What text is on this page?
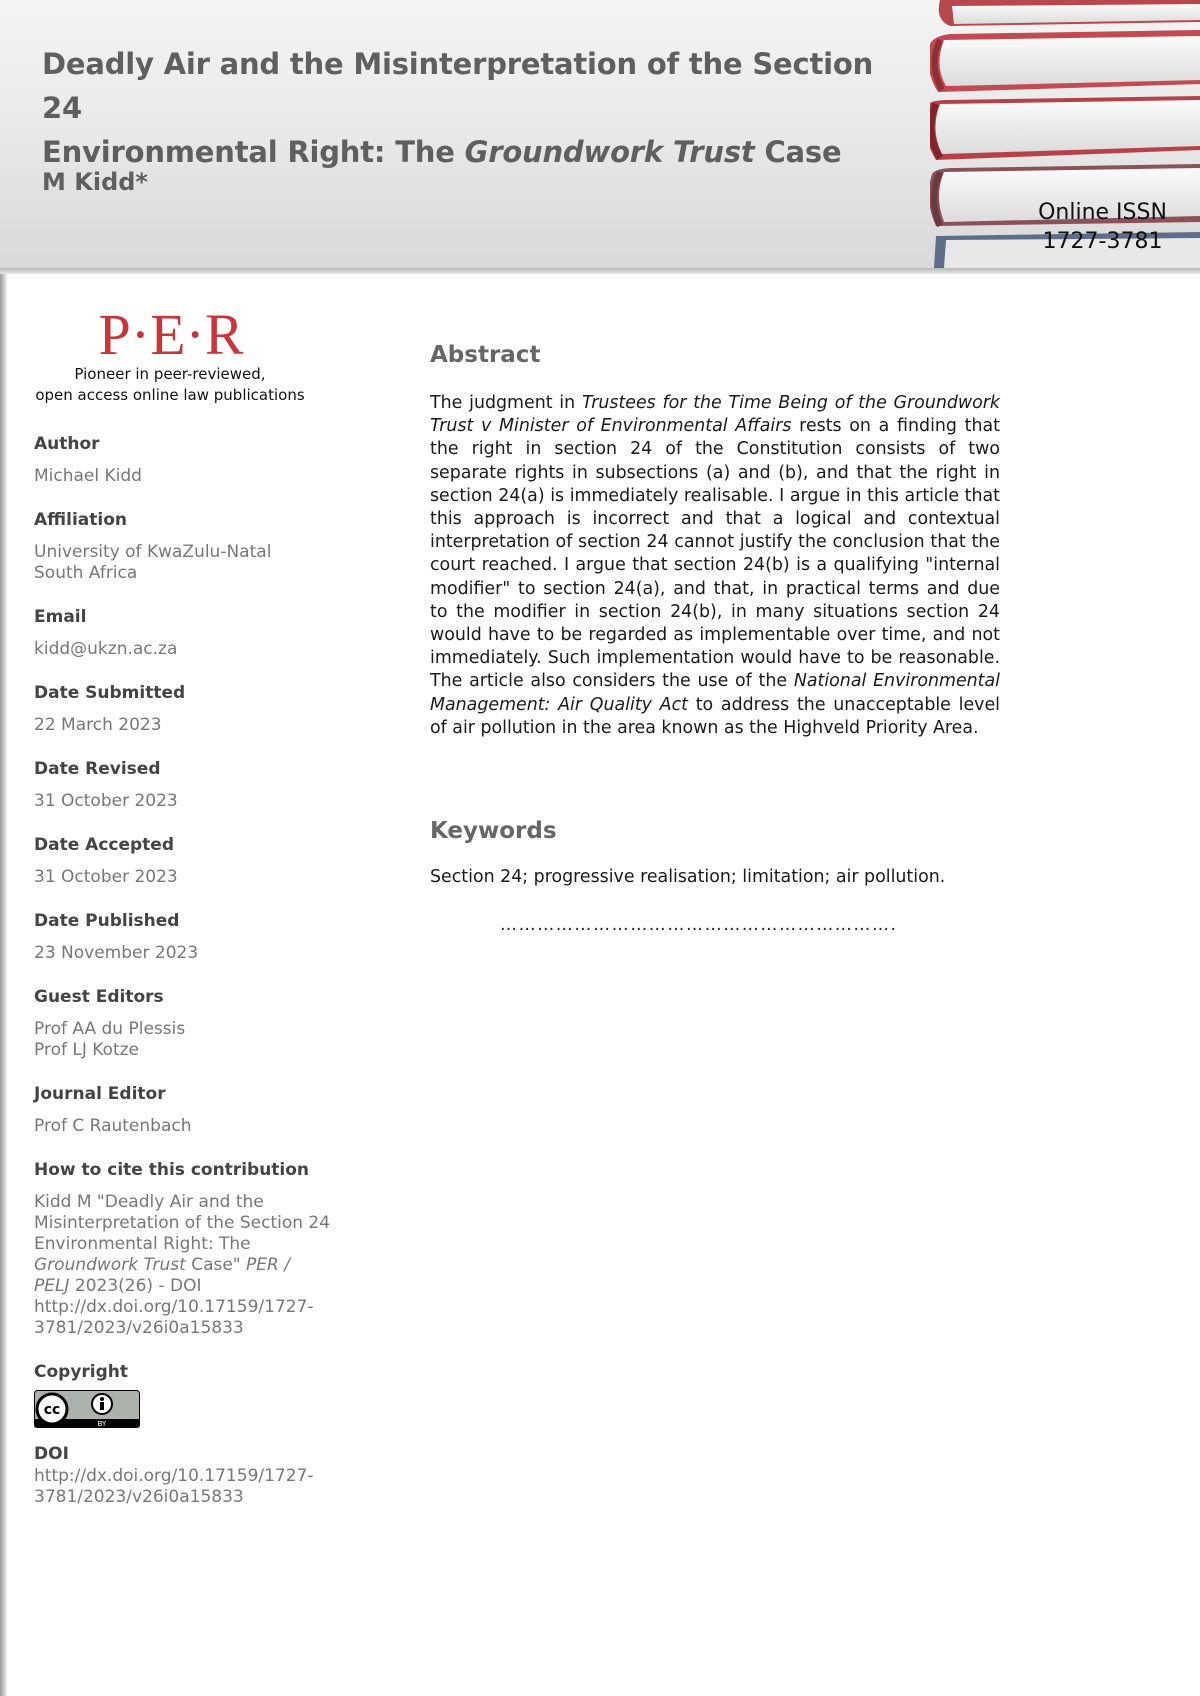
Deadly Air and the Misinterpretation of the Section 24
Environmental Right: The Groundwork Trust Case

M Kidd*

Online ISSN
1727-3781
P·E·R
Pioneer in peer-reviewed,
open access online law publications
Author
Michael Kidd
Affiliation
University of KwaZulu-Natal
South Africa
Email
kidd@ukzn.ac.za
Date Submitted
22 March 2023
Date Revised
31 October 2023
Date Accepted
31 October 2023
Date Published
23 November 2023
Guest Editors
Prof AA du Plessis
Prof LJ Kotze
Journal Editor
Prof C Rautenbach
How to cite this contribution
Kidd M "Deadly Air and the
Misinterpretation of the Section 24
Environmental Right: The
Groundwork Trust Case" PER /
PELJ 2023(26) - DOI
http://dx.doi.org/10.17159/1727-
3781/2023/v26i0a15833
Copyright
cc
BY
DOI
http://dx.doi.org/10.17159/1727-
3781/2023/v26i0a15833
Abstract

The judgment in Trustees for the Time Being of the Groundwork Trust v Minister of Environmental Affairs rests on a finding that the right in section 24 of the Constitution consists of two separate rights in subsections (a) and (b), and that the right in section 24(a) is immediately realisable. I argue in this article that this approach is incorrect and that a logical and contextual interpretation of section 24 cannot justify the conclusion that the court reached. I argue that section 24(b) is a qualifying "internal modifier" to section 24(a), and that, in practical terms and due to the modifier in section 24(b), in many situations section 24 would have to be regarded as implementable over time, and not immediately. Such implementation would have to be reasonable. The article also considers the use of the National Environmental Management: Air Quality Act to address the unacceptable level of air pollution in the area known as the Highveld Priority Area.

Keywords

Section 24; progressive realisation; limitation; air pollution.

……………………………………………………….
